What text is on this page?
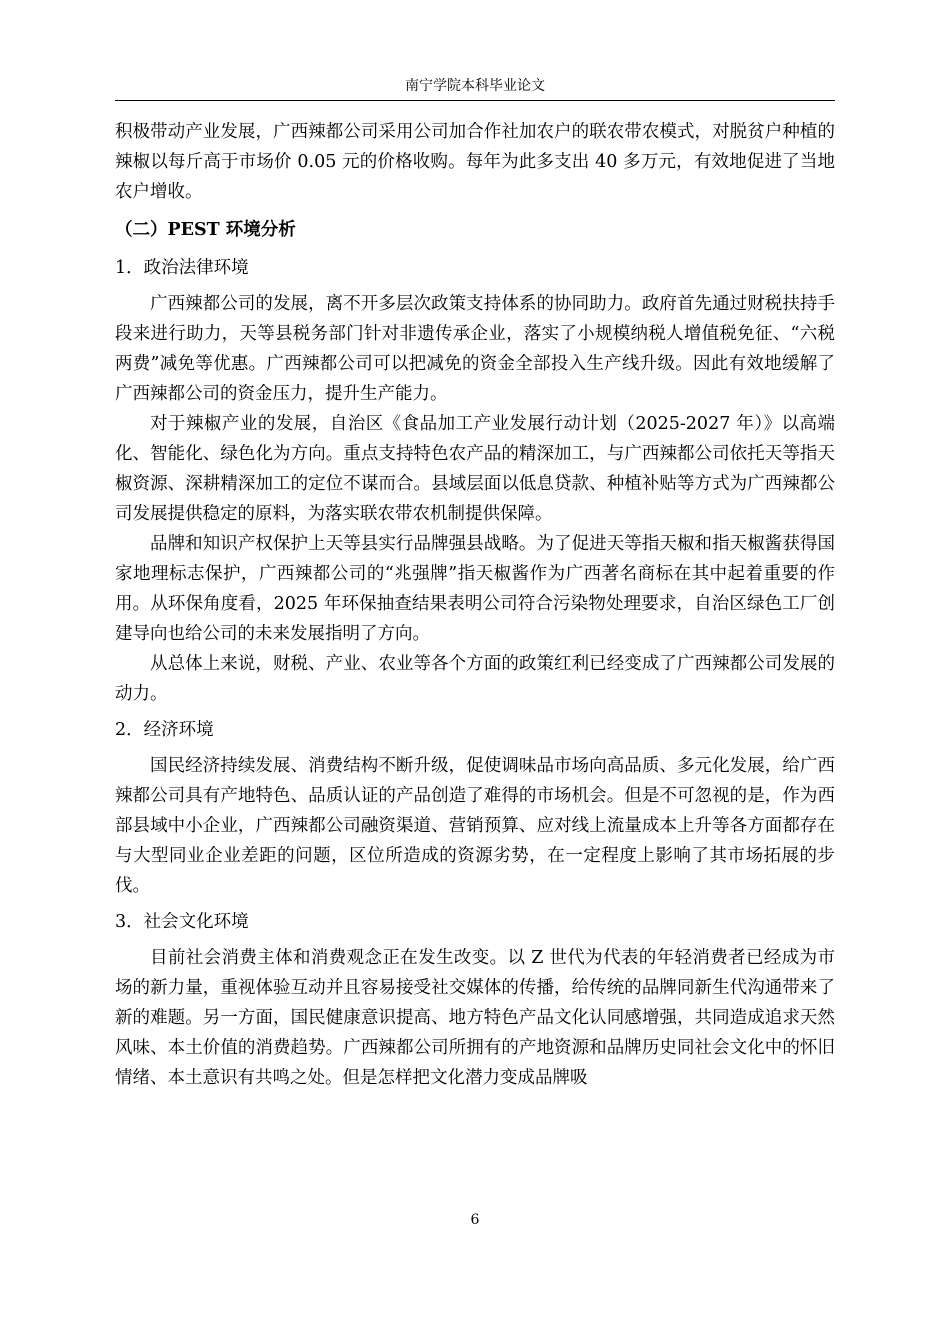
南宁学院本科毕业论文

积极带动产业发展，广西辣都公司采用公司加合作社加农户的联农带农模式，对脱贫户种植的辣椒以每斤高于市场价 0.05 元的价格收购。每年为此多支出 40 多万元，有效地促进了当地农户增收。

（二）PEST 环境分析

1．政治法律环境

广西辣都公司的发展，离不开多层次政策支持体系的协同助力。政府首先通过财税扶持手段来进行助力，天等县税务部门针对非遗传承企业，落实了小规模纳税人增值税免征、“六税两费”减免等优惠。广西辣都公司可以把减免的资金全部投入生产线升级。因此有效地缓解了广西辣都公司的资金压力，提升生产能力。

对于辣椒产业的发展，自治区《食品加工产业发展行动计划（2025-2027 年）》以高端化、智能化、绿色化为方向。重点支持特色农产品的精深加工，与广西辣都公司依托天等指天椒资源、深耕精深加工的定位不谋而合。县域层面以低息贷款、种植补贴等方式为广西辣都公司发展提供稳定的原料，为落实联农带农机制提供保障。

品牌和知识产权保护上天等县实行品牌强县战略。为了促进天等指天椒和指天椒酱获得国家地理标志保护，广西辣都公司的“兆强牌”指天椒酱作为广西著名商标在其中起着重要的作用。从环保角度看，2025 年环保抽查结果表明公司符合污染物处理要求，自治区绿色工厂创建导向也给公司的未来发展指明了方向。

从总体上来说，财税、产业、农业等各个方面的政策红利已经变成了广西辣都公司发展的动力。

2．经济环境

国民经济持续发展、消费结构不断升级，促使调味品市场向高品质、多元化发展，给广西辣都公司具有产地特色、品质认证的产品创造了难得的市场机会。但是不可忽视的是，作为西部县域中小企业，广西辣都公司融资渠道、营销预算、应对线上流量成本上升等各方面都存在与大型同业企业差距的问题，区位所造成的资源劣势，在一定程度上影响了其市场拓展的步伐。

3．社会文化环境

目前社会消费主体和消费观念正在发生改变。以 Z 世代为代表的年轻消费者已经成为市场的新力量，重视体验互动并且容易接受社交媒体的传播，给传统的品牌同新生代沟通带来了新的难题。另一方面，国民健康意识提高、地方特色产品文化认同感增强，共同造成追求天然风味、本土价值的消费趋势。广西辣都公司所拥有的产地资源和品牌历史同社会文化中的怀旧情绪、本土意识有共鸣之处。但是怎样把文化潜力变成品牌吸

6
